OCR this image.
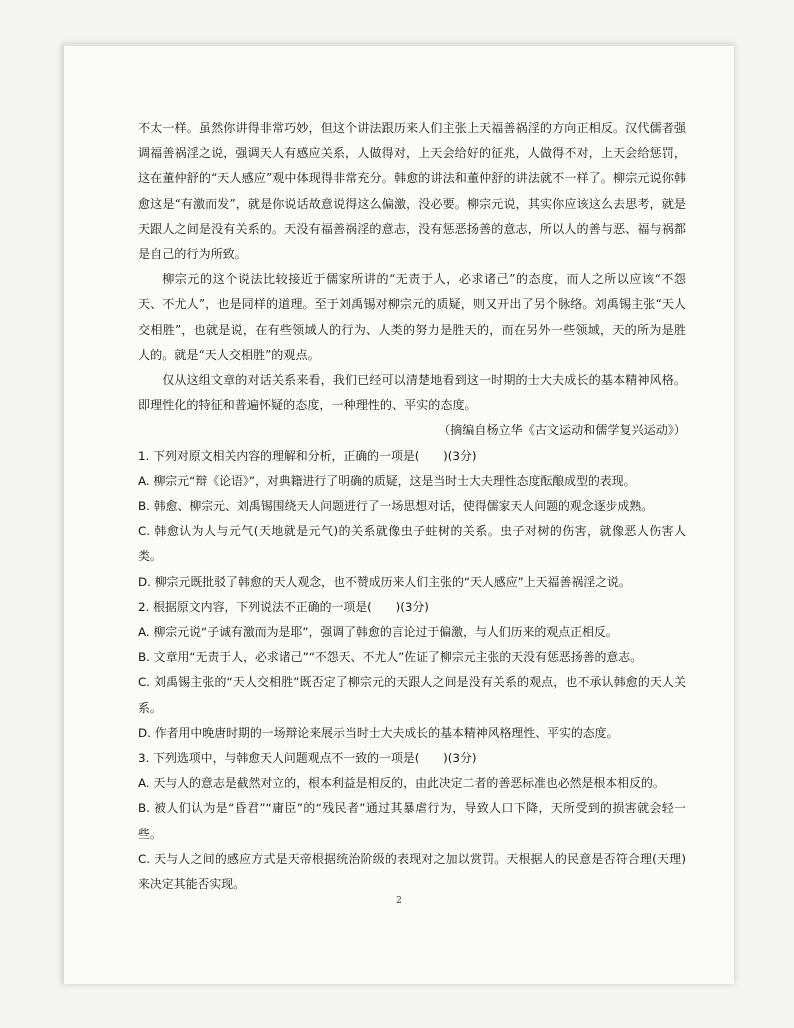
不太一样。虽然你讲得非常巧妙，但这个讲法跟历来人们主张上天福善祸淫的方向正相反。汉代儒者强调福善祸淫之说，强调天人有感应关系，人做得对，上天会给好的征兆，人做得不对，上天会给惩罚，这在董仲舒的“天人感应”观中体现得非常充分。韩愈的讲法和董仲舒的讲法就不一样了。柳宗元说你韩愈这是“有激而发”，就是你说话故意说得这么偏激，没必要。柳宗元说，其实你应该这么去思考，就是天跟人之间是没有关系的。天没有福善祸淫的意志，没有惩恶扬善的意志，所以人的善与恶、福与祸都是自己的行为所致。

柳宗元的这个说法比较接近于儒家所讲的“无责于人，必求诸己”的态度，而人之所以应该“不怨天、不尤人”，也是同样的道理。至于刘禹锡对柳宗元的质疑，则又开出了另个脉络。刘禹锡主张“天人交相胜”，也就是说，在有些领域人的行为、人类的努力是胜天的，而在另外一些领域，天的所为是胜人的。就是“天人交相胜”的观点。

仅从这组文章的对话关系来看，我们已经可以清楚地看到这一时期的士大夫成长的基本精神风格。即理性化的特征和普遍怀疑的态度，一种理性的、平实的态度。

（摘编自杨立华《古文运动和儒学复兴运动》）

1. 下列对原文相关内容的理解和分析，正确的一项是(　　)(3分)

A. 柳宗元“辩《论语》”，对典籍进行了明确的质疑，这是当时士大夫理性态度酝酿成型的表现。

B. 韩愈、柳宗元、刘禹锡围绕天人问题进行了一场思想对话，使得儒家天人问题的观念逐步成熟。

C. 韩愈认为人与元气(天地就是元气)的关系就像虫子蛀树的关系。虫子对树的伤害，就像恶人伤害人类。

D. 柳宗元既批驳了韩愈的天人观念，也不赞成历来人们主张的“天人感应”上天福善祸淫之说。

2. 根据原文内容，下列说法不正确的一项是(　　)(3分)

A. 柳宗元说“子诚有激而为是耶”，强调了韩愈的言论过于偏激，与人们历来的观点正相反。

B. 文章用“无责于人，必求诸己”“不怨天、不尤人”佐证了柳宗元主张的天没有惩恶扬善的意志。

C. 刘禹锡主张的“天人交相胜”既否定了柳宗元的天跟人之间是没有关系的观点，也不承认韩愈的天人关系。

D. 作者用中晚唐时期的一场辩论来展示当时士大夫成长的基本精神风格理性、平实的态度。

3. 下列选项中，与韩愈天人问题观点不一致的一项是(　　)(3分)

A. 天与人的意志是截然对立的，根本利益是相反的，由此决定二者的善恶标准也必然是根本相反的。

B. 被人们认为是“昏君”“庸臣”的“残民者”通过其暴虐行为，导致人口下降，天所受到的损害就会轻一些。

C. 天与人之间的感应方式是天帝根据统治阶级的表现对之加以赏罚。天根据人的民意是否符合理(天理)来决定其能否实现。

2
